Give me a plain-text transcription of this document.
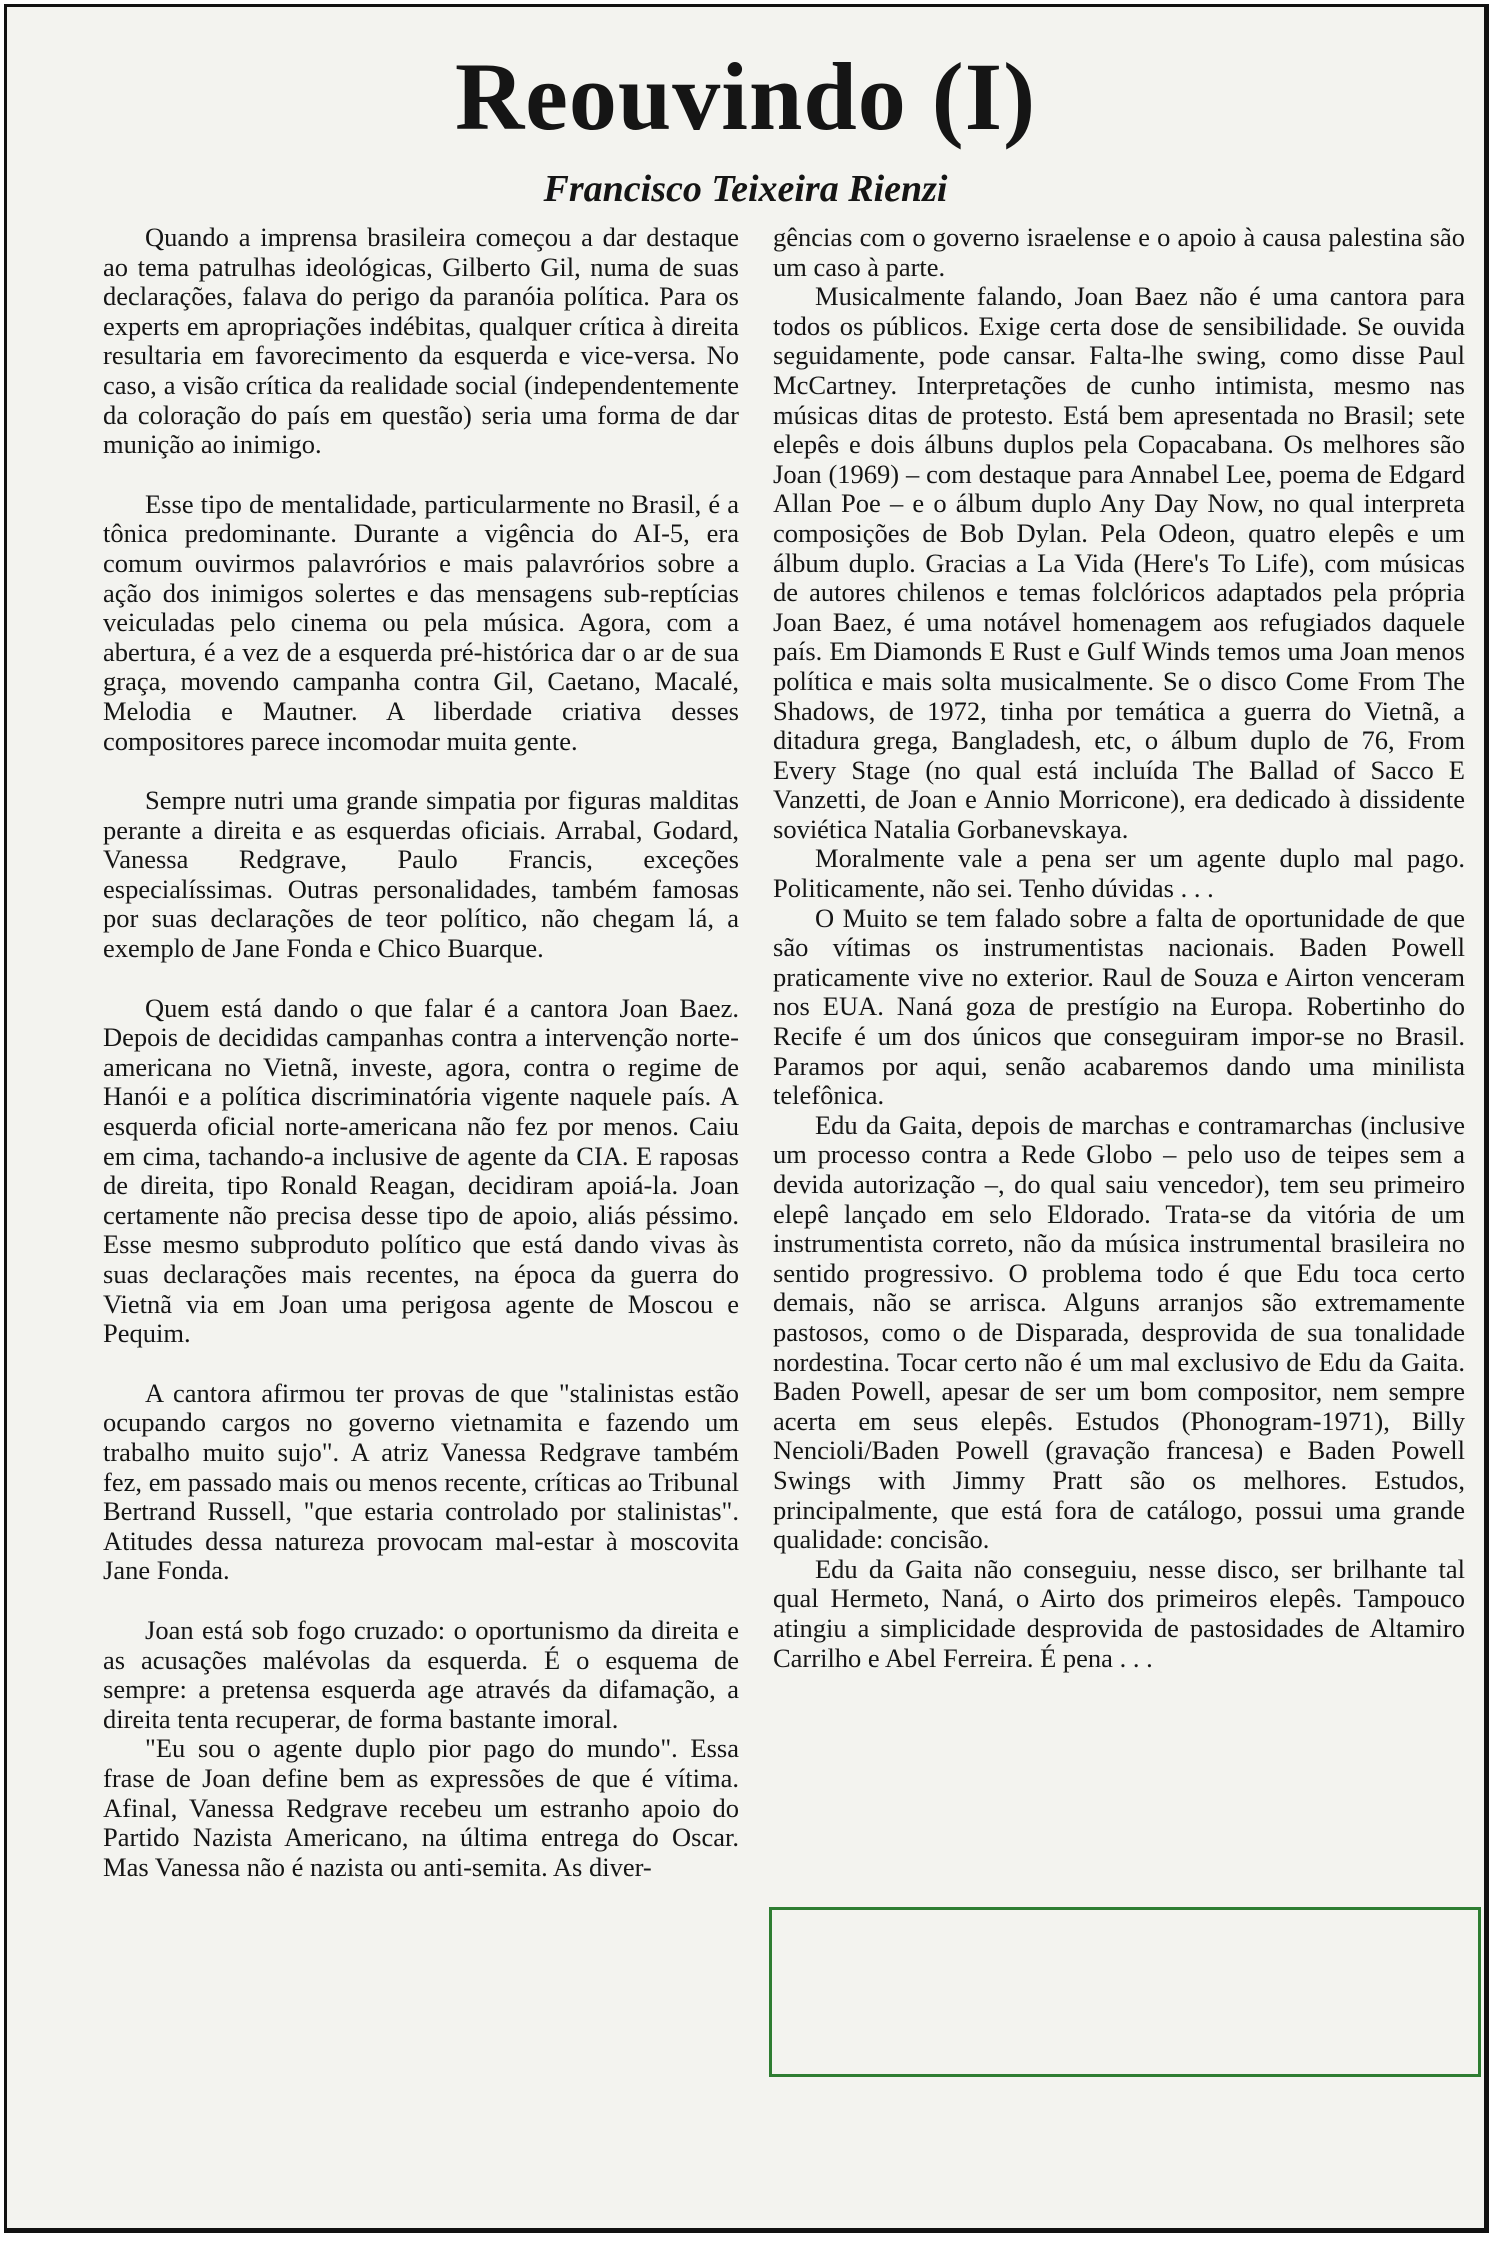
Reouvindo (I)
Francisco Teixeira Rienzi

Quando a imprensa brasileira começou a dar destaque ao tema patrulhas ideológicas, Gilberto Gil, numa de suas declarações, falava do perigo da paranóia política. Para os experts em apropriações indébitas, qualquer crítica à direita resultaria em favorecimento da esquerda e vice-versa. No caso, a visão crítica da realidade social (independentemente da coloração do país em questão) seria uma forma de dar munição ao inimigo.

Esse tipo de mentalidade, particularmente no Brasil, é a tônica predominante. Durante a vigência do AI-5, era comum ouvirmos palavrórios e mais palavrórios sobre a ação dos inimigos solertes e das mensagens sub-reptícias veiculadas pelo cinema ou pela música. Agora, com a abertura, é a vez de a esquerda pré-histórica dar o ar de sua graça, movendo campanha contra Gil, Caetano, Macalé, Melodia e Mautner. A liberdade criativa desses compositores parece incomodar muita gente.

Sempre nutri uma grande simpatia por figuras malditas perante a direita e as esquerdas oficiais. Arrabal, Godard, Vanessa Redgrave, Paulo Francis, exceções especialíssimas. Outras personalidades, também famosas por suas declarações de teor político, não chegam lá, a exemplo de Jane Fonda e Chico Buarque.

Quem está dando o que falar é a cantora Joan Baez. Depois de decididas campanhas contra a intervenção norte-americana no Vietnã, investe, agora, contra o regime de Hanói e a política discriminatória vigente naquele país. A esquerda oficial norte-americana não fez por menos. Caiu em cima, tachando-a inclusive de agente da CIA. E raposas de direita, tipo Ronald Reagan, decidiram apoiá-la. Joan certamente não precisa desse tipo de apoio, aliás péssimo. Esse mesmo subproduto político que está dando vivas às suas declarações mais recentes, na época da guerra do Vietnã via em Joan uma perigosa agente de Moscou e Pequim.

A cantora afirmou ter provas de que "stalinistas estão ocupando cargos no governo vietnamita e fazendo um trabalho muito sujo". A atriz Vanessa Redgrave também fez, em passado mais ou menos recente, críticas ao Tribunal Bertrand Russell, "que estaria controlado por stalinistas". Atitudes dessa natureza provocam mal-estar à moscovita Jane Fonda.

Joan está sob fogo cruzado: o oportunismo da direita e as acusações malévolas da esquerda. É o esquema de sempre: a pretensa esquerda age através da difamação, a direita tenta recuperar, de forma bastante imoral.

"Eu sou o agente duplo pior pago do mundo". Essa frase de Joan define bem as expressões de que é vítima. Afinal, Vanessa Redgrave recebeu um estranho apoio do Partido Nazista Americano, na última entrega do Oscar. Mas Vanessa não é nazista ou anti-semita. As diver-

gências com o governo israelense e o apoio à causa palestina são um caso à parte.

Musicalmente falando, Joan Baez não é uma cantora para todos os públicos. Exige certa dose de sensibilidade. Se ouvida seguidamente, pode cansar. Falta-lhe swing, como disse Paul McCartney. Interpretações de cunho intimista, mesmo nas músicas ditas de protesto. Está bem apresentada no Brasil; sete elepês e dois álbuns duplos pela Copacabana. Os melhores são Joan (1969) – com destaque para Annabel Lee, poema de Edgard Allan Poe – e o álbum duplo Any Day Now, no qual interpreta composições de Bob Dylan. Pela Odeon, quatro elepês e um álbum duplo. Gracias a La Vida (Here's To Life), com músicas de autores chilenos e temas folclóricos adaptados pela própria Joan Baez, é uma notável homenagem aos refugiados daquele país. Em Diamonds E Rust e Gulf Winds temos uma Joan menos política e mais solta musicalmente. Se o disco Come From The Shadows, de 1972, tinha por temática a guerra do Vietnã, a ditadura grega, Bangladesh, etc, o álbum duplo de 76, From Every Stage (no qual está incluída The Ballad of Sacco E Vanzetti, de Joan e Annio Morricone), era dedicado à dissidente soviética Natalia Gorbanevskaya.

Moralmente vale a pena ser um agente duplo mal pago. Politicamente, não sei. Tenho dúvidas . . .

O Muito se tem falado sobre a falta de oportunidade de que são vítimas os instrumentistas nacionais. Baden Powell praticamente vive no exterior. Raul de Souza e Airton venceram nos EUA. Naná goza de prestígio na Europa. Robertinho do Recife é um dos únicos que conseguiram impor-se no Brasil. Paramos por aqui, senão acabaremos dando uma minilista telefônica.

Edu da Gaita, depois de marchas e contramarchas (inclusive um processo contra a Rede Globo – pelo uso de teipes sem a devida autorização –, do qual saiu vencedor), tem seu primeiro elepê lançado em selo Eldorado. Trata-se da vitória de um instrumentista correto, não da música instrumental brasileira no sentido progressivo. O problema todo é que Edu toca certo demais, não se arrisca. Alguns arranjos são extremamente pastosos, como o de Disparada, desprovida de sua tonalidade nordestina. Tocar certo não é um mal exclusivo de Edu da Gaita. Baden Powell, apesar de ser um bom compositor, nem sempre acerta em seus elepês. Estudos (Phonogram-1971), Billy Nencioli/Baden Powell (gravação francesa) e Baden Powell Swings with Jimmy Pratt são os melhores. Estudos, principalmente, que está fora de catálogo, possui uma grande qualidade: concisão.

Edu da Gaita não conseguiu, nesse disco, ser brilhante tal qual Hermeto, Naná, o Airto dos primeiros elepês. Tampouco atingiu a simplicidade desprovida de pastosidades de Altamiro Carrilho e Abel Ferreira. É pena . . .
